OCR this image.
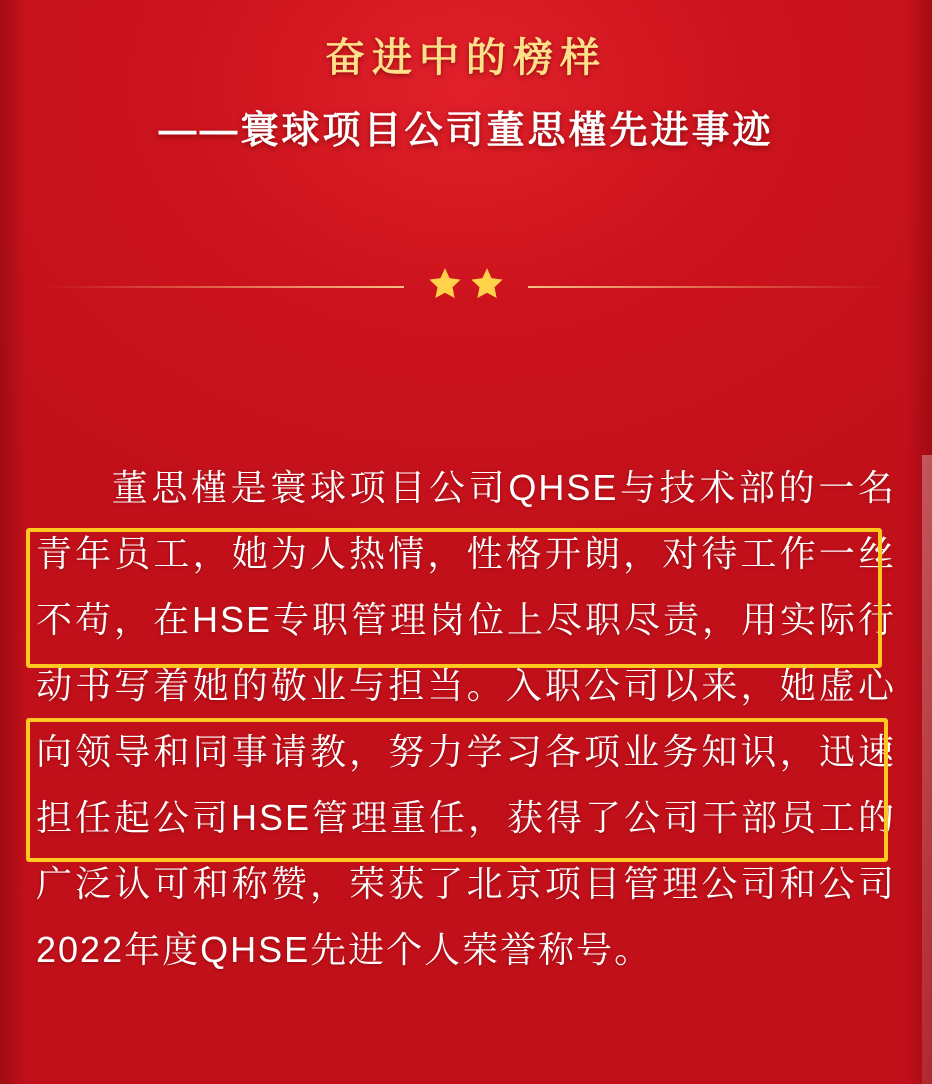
奋进中的榜样
——寰球项目公司董思槿先进事迹
董思槿是寰球项目公司QHSE与技术部的一名青年员工，她为人热情，性格开朗，对待工作一丝不苟，在HSE专职管理岗位上尽职尽责，用实际行动书写着她的敬业与担当。入职公司以来，她虚心向领导和同事请教，努力学习各项业务知识，迅速担任起公司HSE管理重任，获得了公司干部员工的广泛认可和称赞，荣获了北京项目管理公司和公司2022年度QHSE先进个人荣誉称号。
